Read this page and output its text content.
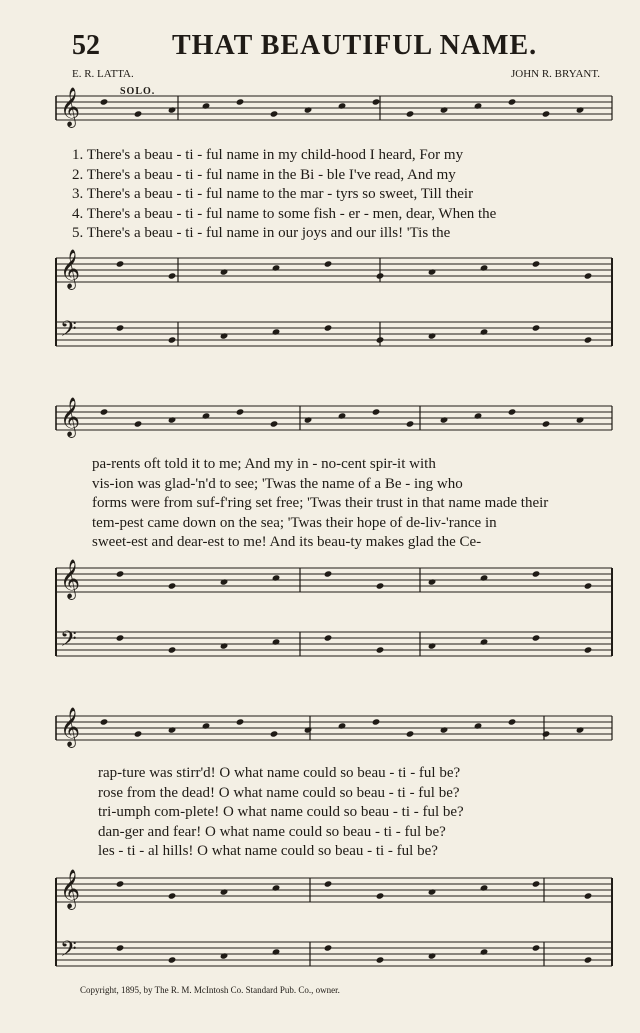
52	THAT BEAUTIFUL NAME.
E. R. LATTA.	JOHN R. BRYANT.
SOLO.
𝄞
𝄞
𝄢
𝄞
𝄞
𝄢
𝄞
𝄞
𝄢
1. There's a beau - ti - ful name in my child-hood I heard, For my
2. There's a beau - ti - ful name in the Bi - ble I've read, And my
3. There's a beau - ti - ful name to the mar - tyrs so sweet, Till their
4. There's a beau - ti - ful name to some fish - er - men, dear, When the
5. There's a beau - ti - ful name in our joys and our ills! 'Tis the
pa-rents oft told it to me; And my in - no-cent spir-it with
vis-ion was glad-'n'd to see; 'Twas the name of a Be - ing who
forms were from suf-f'ring set free; 'Twas their trust in that name made their
tem-pest came down on the sea; 'Twas their hope of de-liv-'rance in
sweet-est and dear-est to me! And its beau-ty makes glad the Ce-
rap-ture was stirr'd! O what name could so beau - ti - ful be?
rose from the dead! O what name could so beau - ti - ful be?
tri-umph com-plete! O what name could so beau - ti - ful be?
dan-ger and fear! O what name could so beau - ti - ful be?
les - ti - al hills! O what name could so beau - ti - ful be?
Copyright, 1895, by The R. M. McIntosh Co. Standard Pub. Co., owner.
